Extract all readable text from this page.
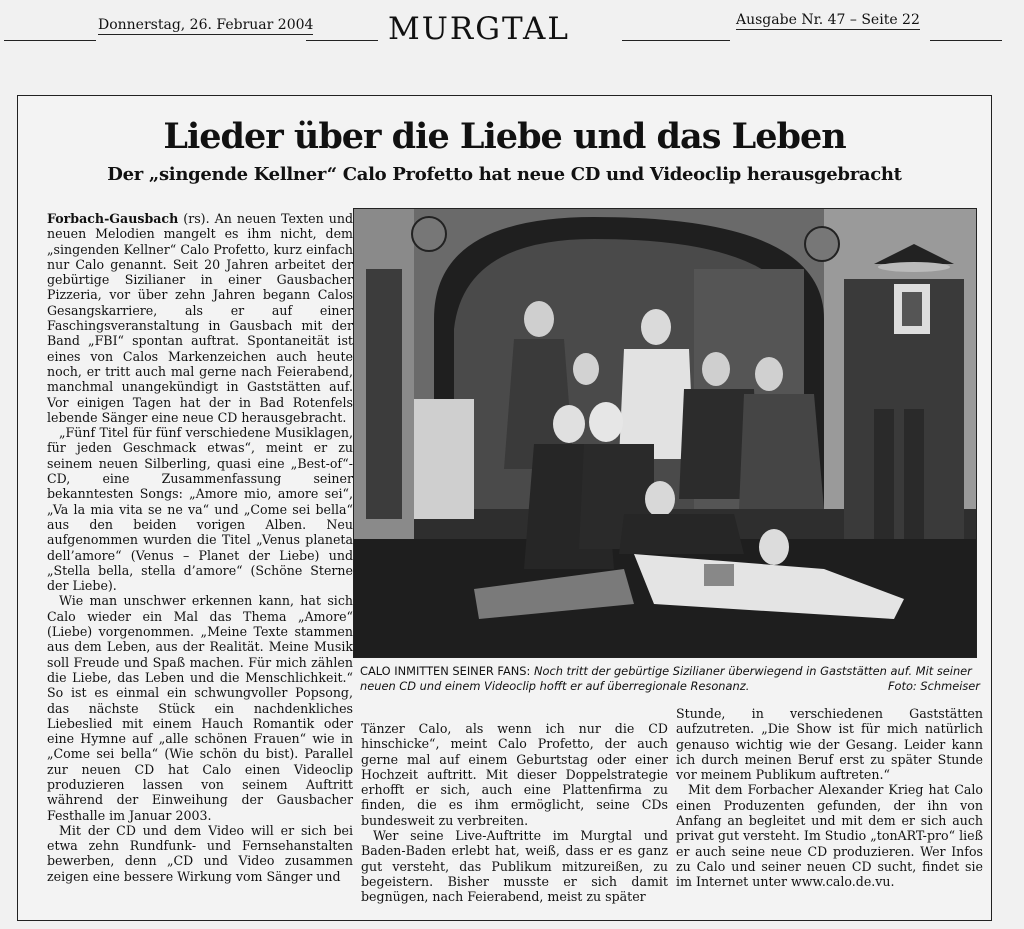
Donnerstag, 26. Februar 2004 MURGTAL	Ausgabe Nr. 47 – Seite 22
Lieder über die Liebe und das Leben
Der „singende Kellner“ Calo Profetto hat neue CD und Videoclip herausgebracht

Forbach-Gausbach (rs). An neuen Texten und neuen Melodien mangelt es ihm nicht, dem „singenden Kellner“ Calo Profetto, kurz einfach nur Calo genannt. Seit 20 Jahren arbeitet der gebürtige Sizilianer in einer Gausbacher Pizzeria, vor über zehn Jahren begann Calos Gesangskarriere, als er auf einer Faschingsveranstaltung in Gausbach mit der Band „FBI“ spontan auftrat. Spontaneität ist eines von Calos Markenzeichen auch heute noch, er tritt auch mal gerne nach Feierabend, manchmal unangekündigt in Gaststätten auf. Vor einigen Tagen hat der in Bad Rotenfels lebende Sänger eine neue CD herausgebracht.

„Fünf Titel für fünf verschiedene Musiklagen, für jeden Geschmack etwas“, meint er zu seinem neuen Silberling, quasi eine „Best-of“-CD, eine Zusammenfassung seiner bekanntesten Songs: „Amore mio, amore sei“, „Va la mia vita se ne va“ und „Come sei bella“ aus den beiden vorigen Alben. Neu aufgenommen wurden die Titel „Venus planeta dell’amore“ (Venus – Planet der Liebe) und „Stella bella, stella d’amore“ (Schöne Sterne der Liebe).

Wie man unschwer erkennen kann, hat sich Calo wieder ein Mal das Thema „Amore“ (Liebe) vorgenommen. „Meine Texte stammen aus dem Leben, aus der Realität. Meine Musik soll Freude und Spaß machen. Für mich zählen die Liebe, das Leben und die Menschlichkeit.“ So ist es einmal ein schwungvoller Popsong, das nächste Stück ein nachdenkliches Liebeslied mit einem Hauch Romantik oder eine Hymne auf „alle schönen Frauen“ wie in „Come sei bella“ (Wie schön du bist). Parallel zur neuen CD hat Calo einen Videoclip produzieren lassen von seinem Auftritt während der Einweihung der Gausbacher Festhalle im Januar 2003.

Mit der CD und dem Video will er sich bei etwa zehn Rundfunk- und Fernsehanstalten bewerben, denn „CD und Video zusammen zeigen eine bessere Wirkung vom Sänger und

CALO INMITTEN SEINER FANS: Noch tritt der gebürtige Sizilianer überwiegend in Gaststätten auf. Mit seiner neuen CD und einem Videoclip hofft er auf überregionale Resonanz.	Foto: Schmeiser

Tänzer Calo, als wenn ich nur die CD hinschicke“, meint Calo Profetto, der auch gerne mal auf einem Geburtstag oder einer Hochzeit auftritt. Mit dieser Doppelstrategie erhofft er sich, auch eine Plattenfirma zu finden, die es ihm ermöglicht, seine CDs bundesweit zu verbreiten.

Wer seine Live-Auftritte im Murgtal und Baden-Baden erlebt hat, weiß, dass er es ganz gut versteht, das Publikum mitzureißen, zu begeistern. Bisher musste er sich damit begnügen, nach Feierabend, meist zu später

Stunde, in verschiedenen Gaststätten aufzutreten. „Die Show ist für mich natürlich genauso wichtig wie der Gesang. Leider kann ich durch meinen Beruf erst zu später Stunde vor meinem Publikum auftreten.“

Mit dem Forbacher Alexander Krieg hat Calo einen Produzenten gefunden, der ihn von Anfang an begleitet und mit dem er sich auch privat gut versteht. Im Studio „tonART-pro“ ließ er auch seine neue CD produzieren. Wer Infos zu Calo und seiner neuen CD sucht, findet sie im Internet unter www.calo.de.vu.
